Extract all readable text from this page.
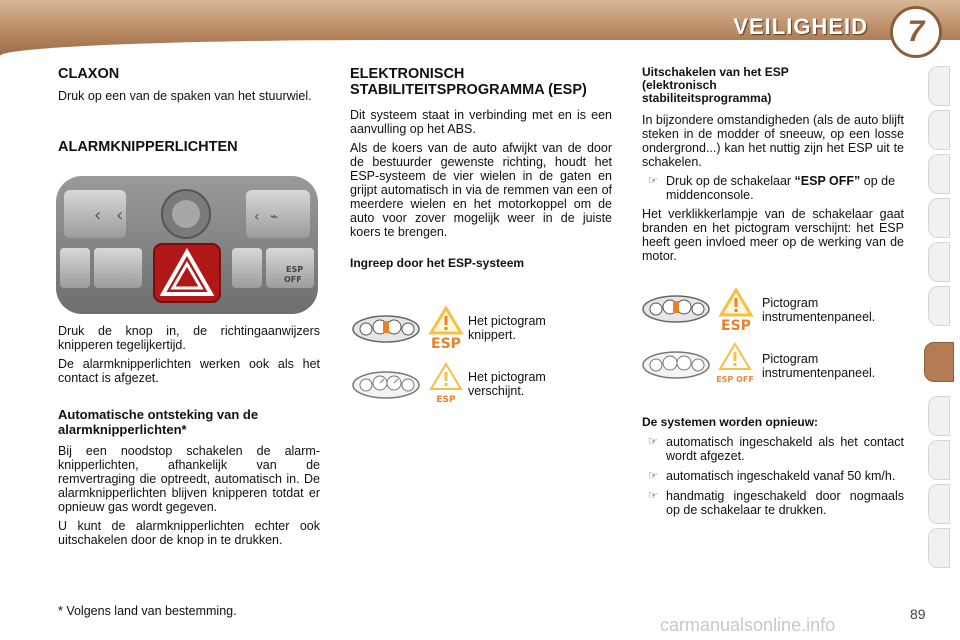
VEILIGHEID	7
CLAXON

Druk op een van de spaken van het stuurwiel.

ALARMKNIPPERLICHTEN
‹ ‹	‹ ⌁
ESP
OFF

Druk de knop in, de richtingaanwijzers knipperen tegelijkertijd.

De alarmknipperlichten werken ook als het contact is afgezet.

Automatische ontsteking van de alarmknipperlichten*

Bij een noodstop schakelen de alarm-knipperlichten, afhankelijk van de remvertraging die optreedt, automatisch in. De alarmknipperlichten blijven knipperen totdat er opnieuw gas wordt gegeven.

U kunt de alarmknipperlichten echter ook uitschakelen door de knop in te drukken.

ELEKTRONISCH STABILITEITSPROGRAMMA (ESP)

Dit systeem staat in verbinding met en is een aanvulling op het ABS.

Als de koers van de auto afwijkt van de door de bestuurder gewenste richting, houdt het ESP-systeem de vier wielen in de gaten en grijpt automatisch in via de remmen van een of meerdere wielen en het motorkoppel om de auto voor zover mogelijk weer in de juiste koers te brengen.

Ingreep door het ESP-systeem

ESP

Het pictogram knippert.

ESP

Het pictogram verschijnt.

Uitschakelen van het ESP (elektronisch stabiliteitsprogramma)

In bijzondere omstandigheden (als de auto blijft steken in de modder of sneeuw, op een losse ondergrond...) kan het nuttig zijn het ESP uit te schakelen.

☞ Druk op de schakelaar “ESP OFF” op de middenconsole.

Het verklikkerlampje van de schakelaar gaat branden en het pictogram verschijnt: het ESP heeft geen invloed meer op de werking van de motor.

ESP

Pictogram instrumentenpaneel.

ESP OFF

Pictogram instrumentenpaneel.

De systemen worden opnieuw:

☞ automatisch ingeschakeld als het contact wordt afgezet.
☞ automatisch ingeschakeld vanaf 50 km/h.
☞ handmatig ingeschakeld door nogmaals op de schakelaar te drukken.
* Volgens land van bestemming.
carmanualsonline.info
89
